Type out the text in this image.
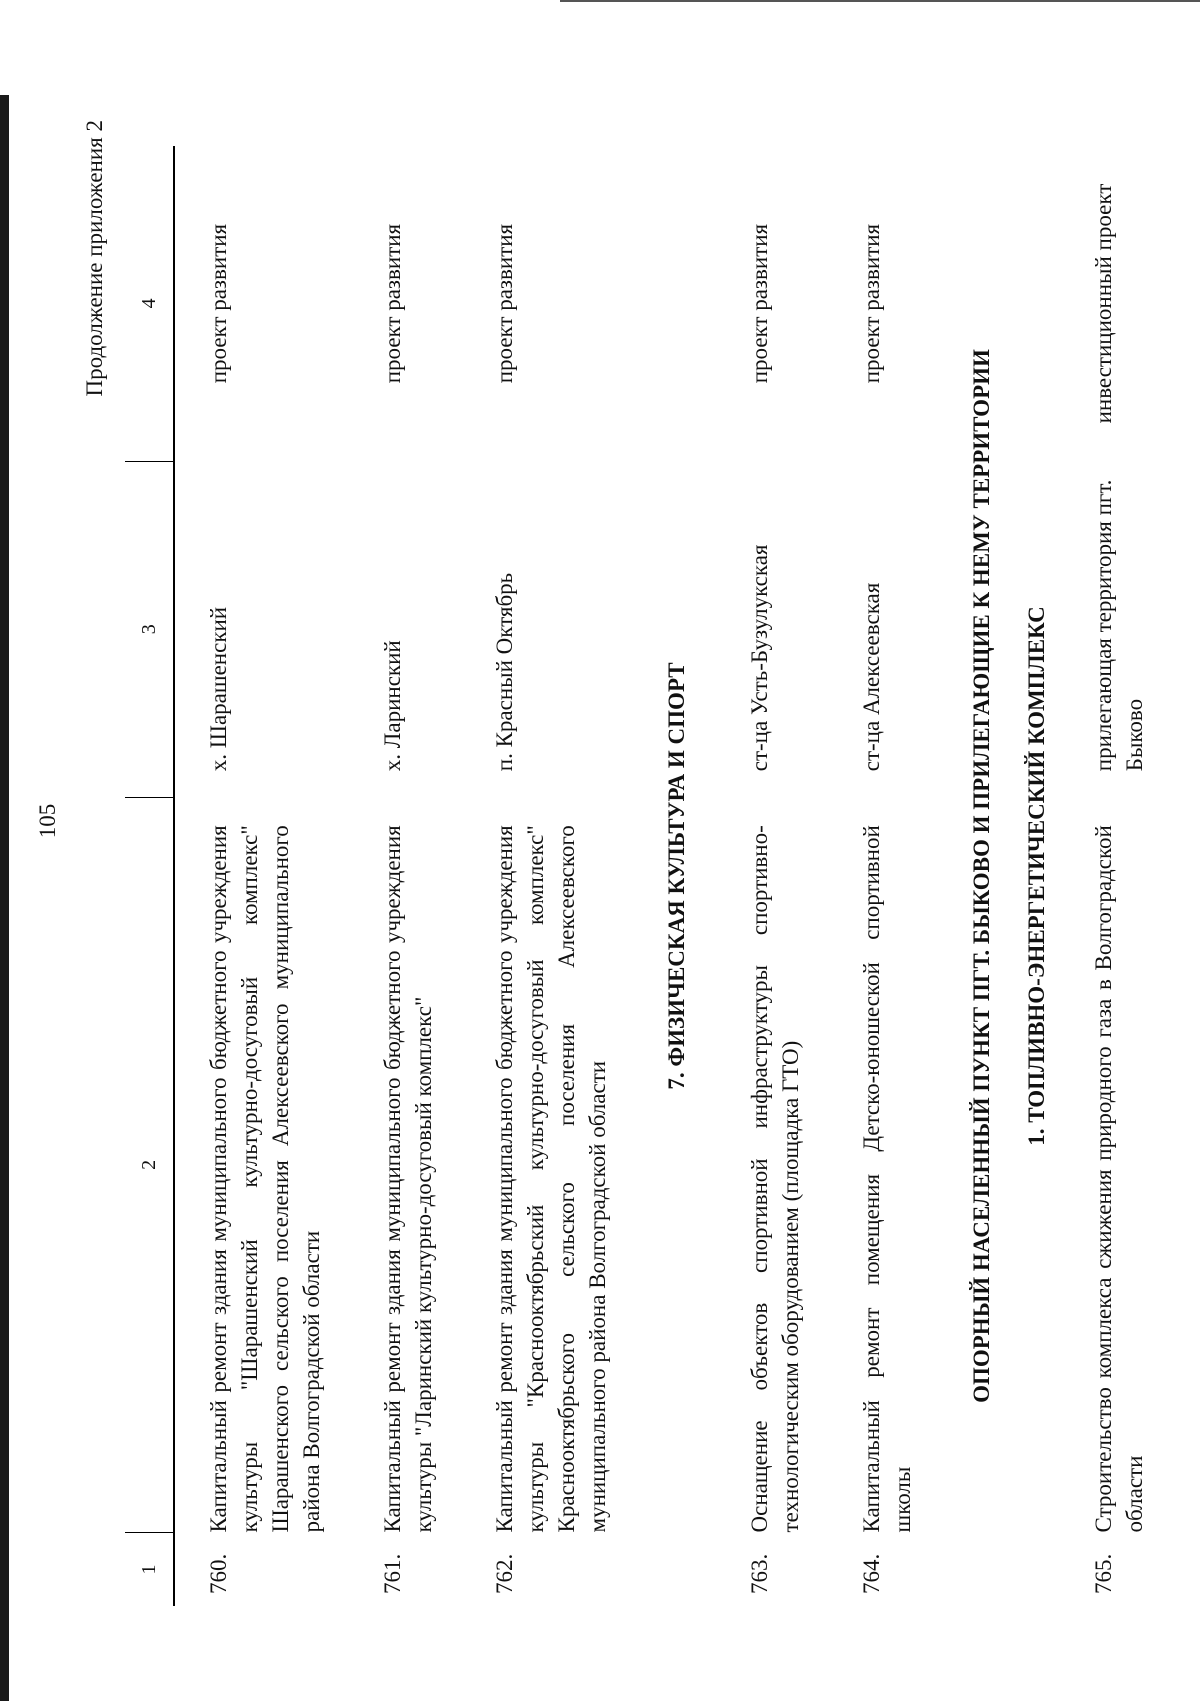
105
Продолжение приложения 2
1	2	3	4
760.	Капитальный ремонт здания муниципального бюджетного учреждения культуры "Шарашенский культурно-досуговый комплекс" Шарашенского сельского поселения Алексеевского муниципального района Волгоградской области	х. Шарашенский	проект развития
761.	Капитальный ремонт здания муниципального бюджетного учреждения культуры "Ларинский культурно-досуговый комплекс"	х. Ларинский	проект развития
762.	Капитальный ремонт здания муниципального бюджетного учреждения культуры "Краснооктябрьский культурно-досуговый комплекс" Краснооктябрьского сельского поселения Алексеевского муниципального района Волгоградской области	п. Красный Октябрь	проект развития
7. ФИЗИЧЕСКАЯ КУЛЬТУРА И СПОРТ			
763.	Оснащение объектов спортивной инфраструктуры спортивно-технологическим оборудованием (площадка ГТО)	ст-ца Усть-Бузулукская	проект развития
764.	Капитальный ремонт помещения Детско-юношеской спортивной школы	ст-ца Алексеевская	проект развития
ОПОРНЫЙ НАСЕЛЕННЫЙ ПУНКТ ПГТ. БЫКОВО И ПРИЛЕГАЮЩИЕ К НЕМУ ТЕРРИТОРИИ			
1. ТОПЛИВНО-ЭНЕРГЕТИЧЕСКИЙ КОМПЛЕКС			
765.	Строительство комплекса сжижения природного газа в Волгоградской области	прилегающая территория пгт. Быково	инвестиционный проект
